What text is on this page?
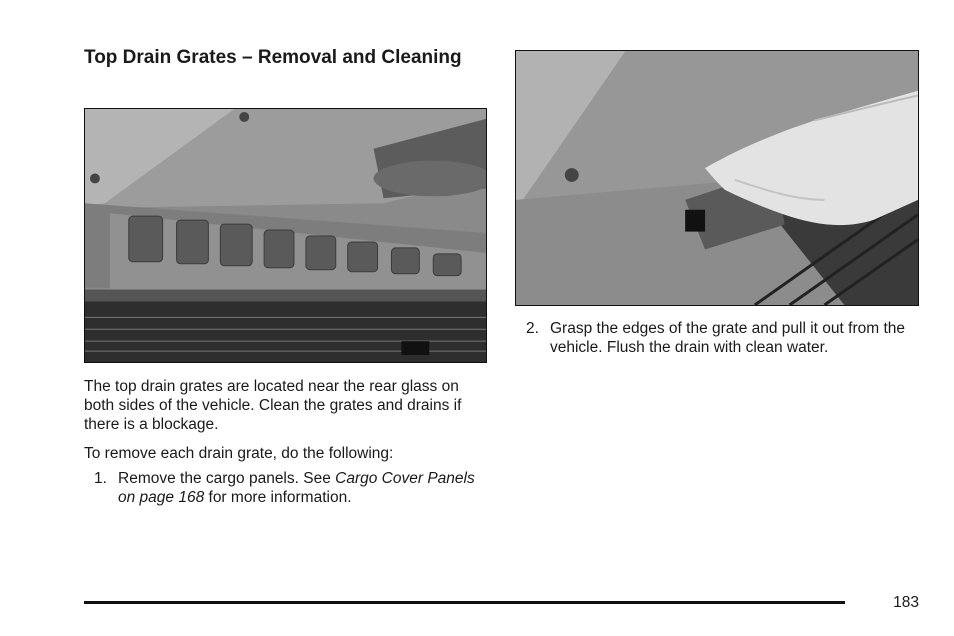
Top Drain Grates – Removal and Cleaning

The top drain grates are located near the rear glass on both sides of the vehicle. Clean the grates and drains if there is a blockage.

To remove each drain grate, do the following:

1. Remove the cargo panels. See Cargo Cover Panels on page 168 for more information.
2. Grasp the edges of the grate and pull it out from the vehicle. Flush the drain with clean water.
183
